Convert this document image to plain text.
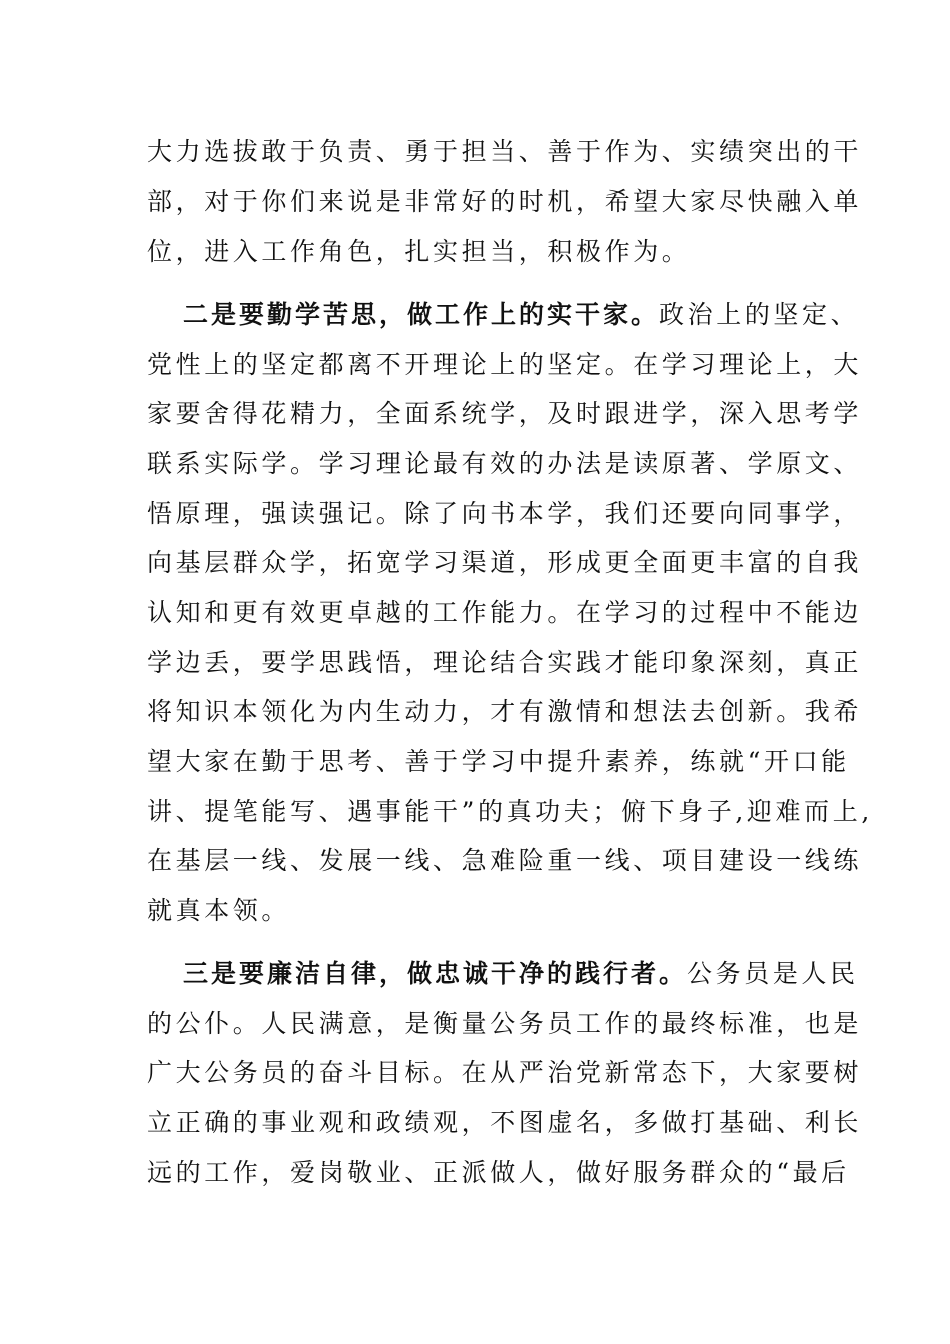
大力选拔敢于负责、勇于担当、善于作为、实绩突出的干
部，对于你们来说是非常好的时机，希望大家尽快融入单
位，进入工作角色，扎实担当，积极作为。
二是要勤学苦思，做工作上的实干家。政治上的坚定、
党性上的坚定都离不开理论上的坚定。在学习理论上，大
家要舍得花精力，全面系统学，及时跟进学，深入思考学
联系实际学。学习理论最有效的办法是读原著、学原文、
悟原理，强读强记。除了向书本学，我们还要向同事学，
向基层群众学，拓宽学习渠道，形成更全面更丰富的自我
认知和更有效更卓越的工作能力。在学习的过程中不能边
学边丢，要学思践悟，理论结合实践才能印象深刻，真正
将知识本领化为内生动力，才有激情和想法去创新。我希
望大家在勤于思考、善于学习中提升素养，练就“开口能
讲、提笔能写、遇事能干”的真功夫；俯下身子,迎难而上,
在基层一线、发展一线、急难险重一线、项目建设一线练
就真本领。
三是要廉洁自律，做忠诚干净的践行者。公务员是人民
的公仆。人民满意，是衡量公务员工作的最终标准，也是
广大公务员的奋斗目标。在从严治党新常态下，大家要树
立正确的事业观和政绩观，不图虚名，多做打基础、利长
远的工作，爱岗敬业、正派做人，做好服务群众的“最后
